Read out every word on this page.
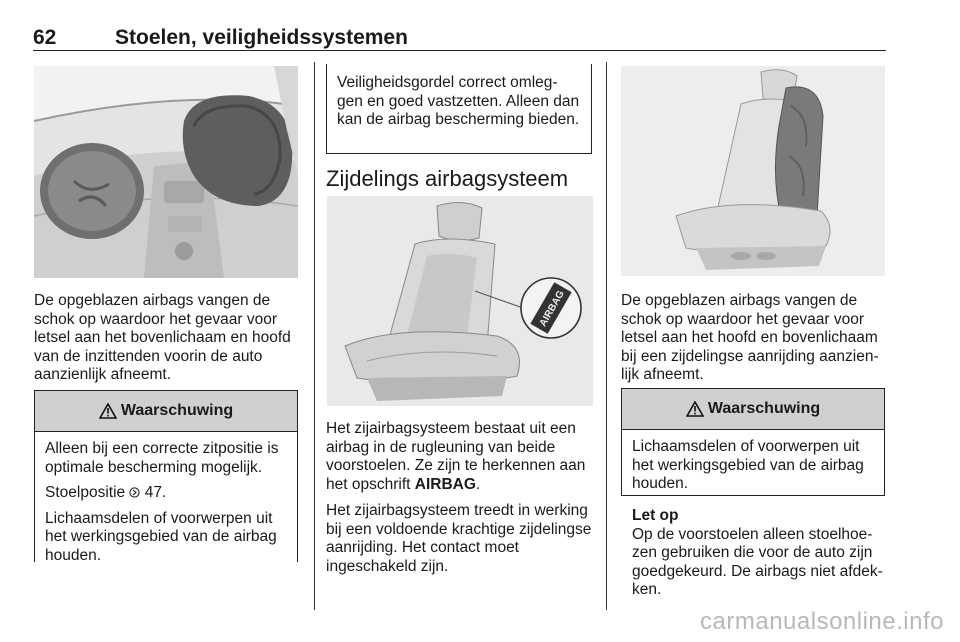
62	Stoelen, veiligheidssystemen

De opgeblazen airbags vangen de schok op waardoor het gevaar voor letsel aan het bovenlichaam en hoofd van de inzittenden voorin de auto aanzienlijk afneemt.

Waarschuwing

Alleen bij een correcte zitpositie is optimale bescherming mogelijk.

Stoelpositie 47.

Lichaamsdelen of voorwerpen uit het werkingsgebied van de airbag houden.

Veiligheidsgordel correct omleg-gen en goed vastzetten. Alleen dan kan de airbag bescherming bieden.

Zijdelings airbagsysteem
AIRBAG

Het zijairbagsysteem bestaat uit een airbag in de rugleuning van beide voorstoelen. Ze zijn te herkennen aan het opschrift AIRBAG.

Het zijairbagsysteem treedt in werking bij een voldoende krachtige zijdelingse aanrijding. Het contact moet ingeschakeld zijn.

De opgeblazen airbags vangen de schok op waardoor het gevaar voor letsel aan het hoofd en bovenlichaam bij een zijdelingse aanrijding aanzien-lijk afneemt.

Waarschuwing

Lichaamsdelen of voorwerpen uit het werkingsgebied van de airbag houden.

Let op

Op de voorstoelen alleen stoelhoe-zen gebruiken die voor de auto zijn goedgekeurd. De airbags niet afdek-ken.

carmanualsonline.info
